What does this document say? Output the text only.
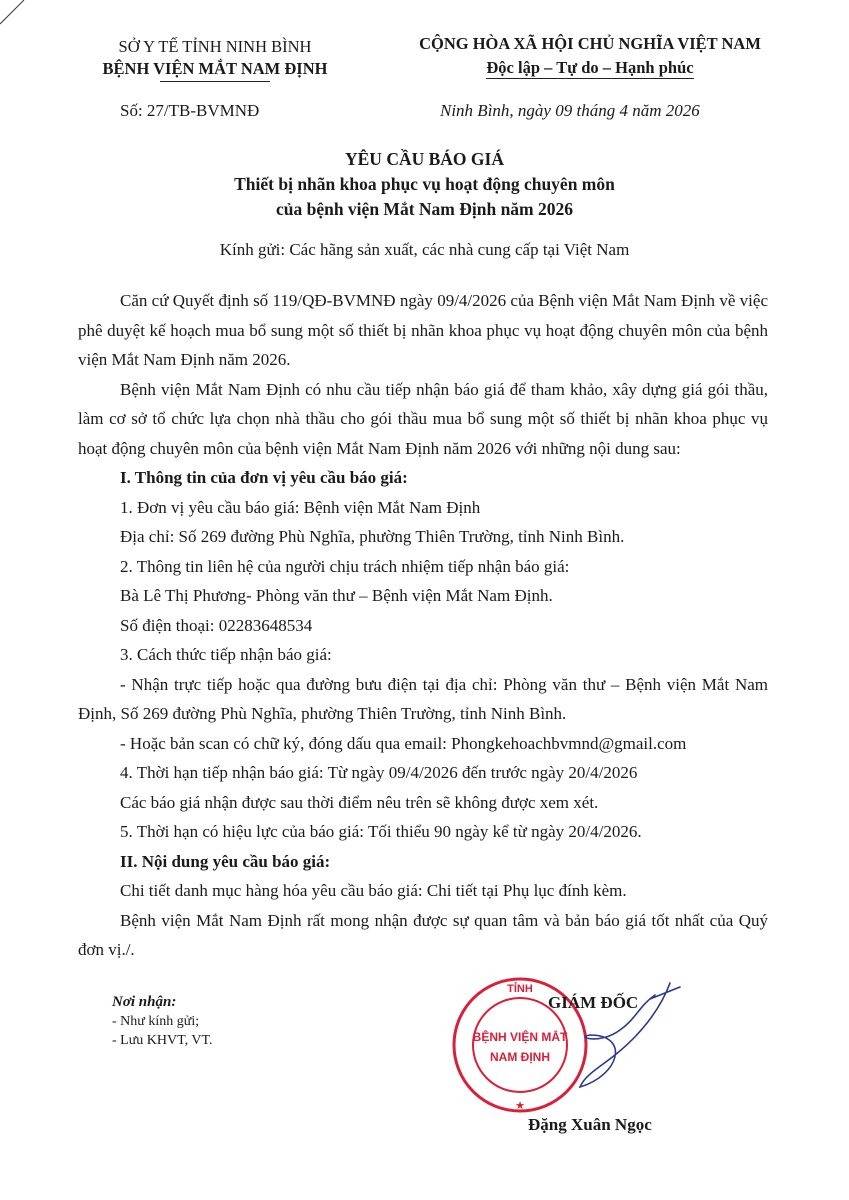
SỞ Y TẾ TỈNH NINH BÌNH
BỆNH VIỆN MẮT NAM ĐỊNH
CỘNG HÒA XÃ HỘI CHỦ NGHĨA VIỆT NAM
Độc lập – Tự do – Hạnh phúc
Số: 27/TB-BVMNĐ	Ninh Bình, ngày 09 tháng 4 năm 2026
YÊU CẦU BÁO GIÁ
Thiết bị nhãn khoa phục vụ hoạt động chuyên môn
của bệnh viện Mắt Nam Định năm 2026
Kính gửi: Các hãng sản xuất, các nhà cung cấp tại Việt Nam

Căn cứ Quyết định số 119/QĐ-BVMNĐ ngày 09/4/2026 của Bệnh viện Mắt Nam Định về việc phê duyệt kế hoạch mua bổ sung một số thiết bị nhãn khoa phục vụ hoạt động chuyên môn của bệnh viện Mắt Nam Định năm 2026.

Bệnh viện Mắt Nam Định có nhu cầu tiếp nhận báo giá để tham khảo, xây dựng giá gói thầu, làm cơ sở tổ chức lựa chọn nhà thầu cho gói thầu mua bổ sung một số thiết bị nhãn khoa phục vụ hoạt động chuyên môn của bệnh viện Mắt Nam Định năm 2026 với những nội dung sau:

I. Thông tin của đơn vị yêu cầu báo giá:

1. Đơn vị yêu cầu báo giá: Bệnh viện Mắt Nam Định

Địa chỉ: Số 269 đường Phù Nghĩa, phường Thiên Trường, tỉnh Ninh Bình.

2. Thông tin liên hệ của người chịu trách nhiệm tiếp nhận báo giá:

Bà Lê Thị Phương- Phòng văn thư – Bệnh viện Mắt Nam Định.

Số điện thoại: 02283648534

3. Cách thức tiếp nhận báo giá:

- Nhận trực tiếp hoặc qua đường bưu điện tại địa chỉ: Phòng văn thư – Bệnh viện Mắt Nam Định, Số 269 đường Phù Nghĩa, phường Thiên Trường, tỉnh Ninh Bình.

- Hoặc bản scan có chữ ký, đóng dấu qua email: Phongkehoachbvmnd@gmail.com

4. Thời hạn tiếp nhận báo giá: Từ ngày 09/4/2026 đến trước ngày 20/4/2026

Các báo giá nhận được sau thời điểm nêu trên sẽ không được xem xét.

5. Thời hạn có hiệu lực của báo giá: Tối thiểu 90 ngày kể từ ngày 20/4/2026.

II. Nội dung yêu cầu báo giá:

Chi tiết danh mục hàng hóa yêu cầu báo giá: Chi tiết tại Phụ lục đính kèm.

Bệnh viện Mắt Nam Định rất mong nhận được sự quan tâm và bản báo giá tốt nhất của Quý đơn vị./.

Nơi nhận:
- Như kính gửi;
- Lưu KHVT, VT.
TỈNH
BỆNH VIỆN MẮT
NAM ĐỊNH
★
GIÁM ĐỐC
Đặng Xuân Ngọc
